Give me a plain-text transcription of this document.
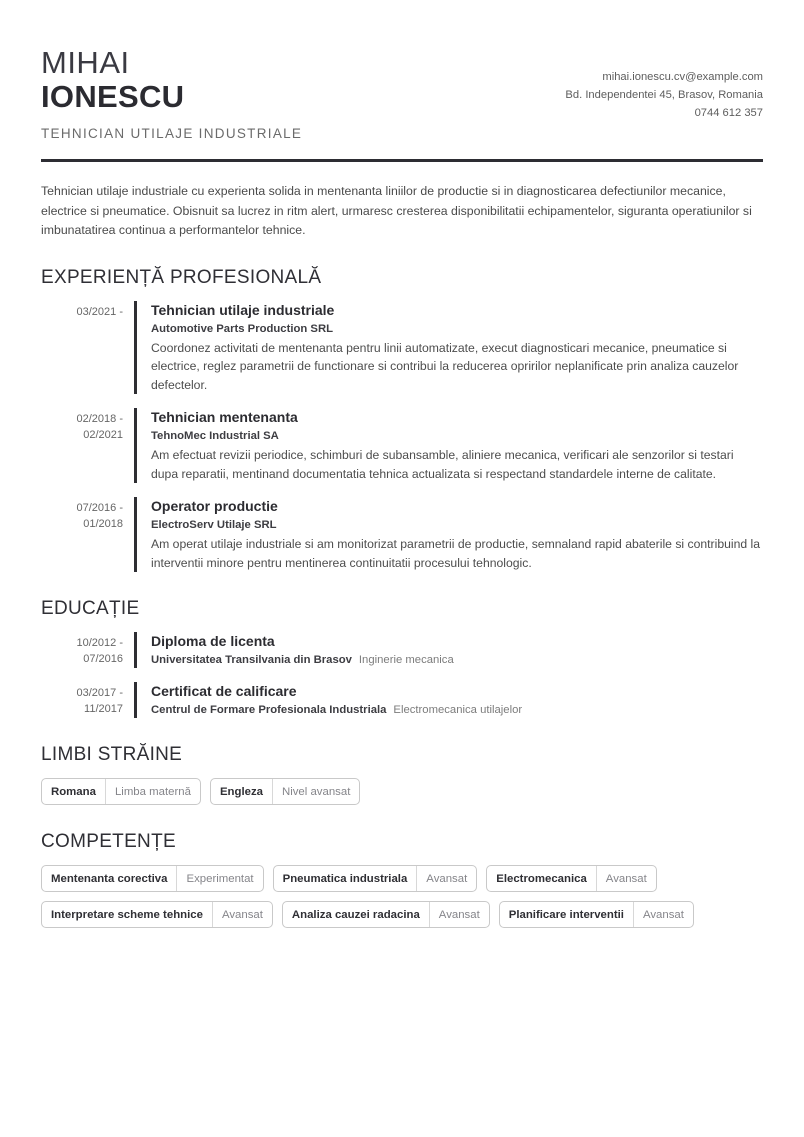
MIHAI
IONESCU
TEHNICIAN UTILAJE INDUSTRIALE
mihai.ionescu.cv@example.com
Bd. Independentei 45, Brasov, Romania
0744 612 357
Tehnician utilaje industriale cu experienta solida in mentenanta liniilor de productie si in diagnosticarea defectiunilor mecanice, electrice si pneumatice. Obisnuit sa lucrez in ritm alert, urmaresc cresterea disponibilitatii echipamentelor, siguranta operatiunilor si imbunatatirea continua a performantelor tehnice.
EXPERIENȚĂ PROFESIONALĂ
03/2021 - Tehnician utilaje industriale
Automotive Parts Production SRL
Coordonez activitati de mentenanta pentru linii automatizate, execut diagnosticari mecanice, pneumatice si electrice, reglez parametrii de functionare si contribui la reducerea opririlor neplanificate prin analiza cauzelor defectelor.
02/2018 -
02/2021
Tehnician mentenanta
TehnoMec Industrial SA
Am efectuat revizii periodice, schimburi de subansamble, aliniere mecanica, verificari ale senzorilor si testari dupa reparatii, mentinand documentatia tehnica actualizata si respectand standardele interne de calitate.
07/2016 -
01/2018
Operator productie
ElectroServ Utilaje SRL
Am operat utilaje industriale si am monitorizat parametrii de productie, semnaland rapid abaterile si contribuind la interventii minore pentru mentinerea continuitatii procesului tehnologic.
EDUCAȚIE
10/2012 -
07/2016
Diploma de licenta
Universitatea Transilvania din Brasov Inginerie mecanica
03/2017 -
11/2017
Certificat de calificare
Centrul de Formare Profesionala Industriala Electromecanica utilajelor
LIMBI STRĂINE
Romana	Limba maternă	Engleza	Nivel avansat
COMPETENȚE
Mentenanta corectiva	Experimentat	Pneumatica industriala	Avansat	Electromecanica	Avansat
Interpretare scheme tehnice	Avansat	Analiza cauzei radacina	Avansat	Planificare interventii	Avansat
